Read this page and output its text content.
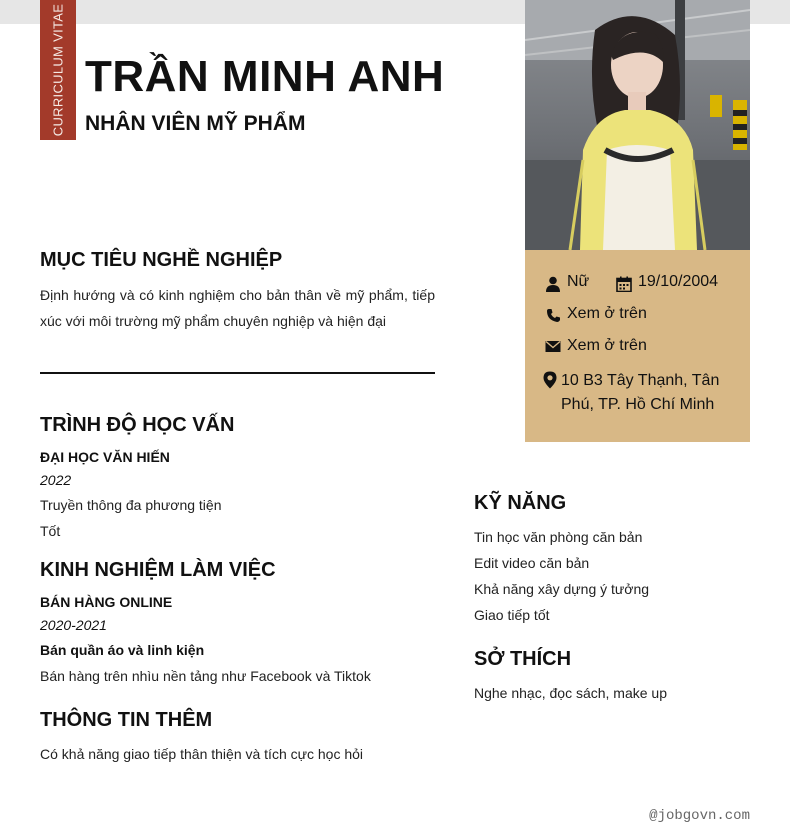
CURRICULUM VITAE TRẦN MINH ANH
NHÂN VIÊN MỸ PHẨM
Nữ	19/10/2004
Xem ở trên
Xem ở trên
10 B3 Tây Thạnh, Tân Phú, TP. Hồ Chí Minh
MỤC TIÊU NGHỀ NGHIỆP
Định hướng và có kinh nghiệm cho bản thân về mỹ phẩm, tiếp xúc với môi trường mỹ phẩm chuyên nghiệp và hiện đại
TRÌNH ĐỘ HỌC VẤN
ĐẠI HỌC VĂN HIẾN
2022
Truyền thông đa phương tiện
Tốt
KINH NGHIỆM LÀM VIỆC
BÁN HÀNG ONLINE
2020-2021
Bán quần áo và linh kiện
Bán hàng trên nhìu nền tảng như Facebook và Tiktok
THÔNG TIN THÊM
Có khả năng giao tiếp thân thiện và tích cực học hỏi
KỸ NĂNG
Tin học văn phòng căn bản
Edit video căn bản
Khả năng xây dựng ý tưởng
Giao tiếp tốt
SỞ THÍCH
Nghe nhạc, đọc sách, make up
@jobgovn.com
